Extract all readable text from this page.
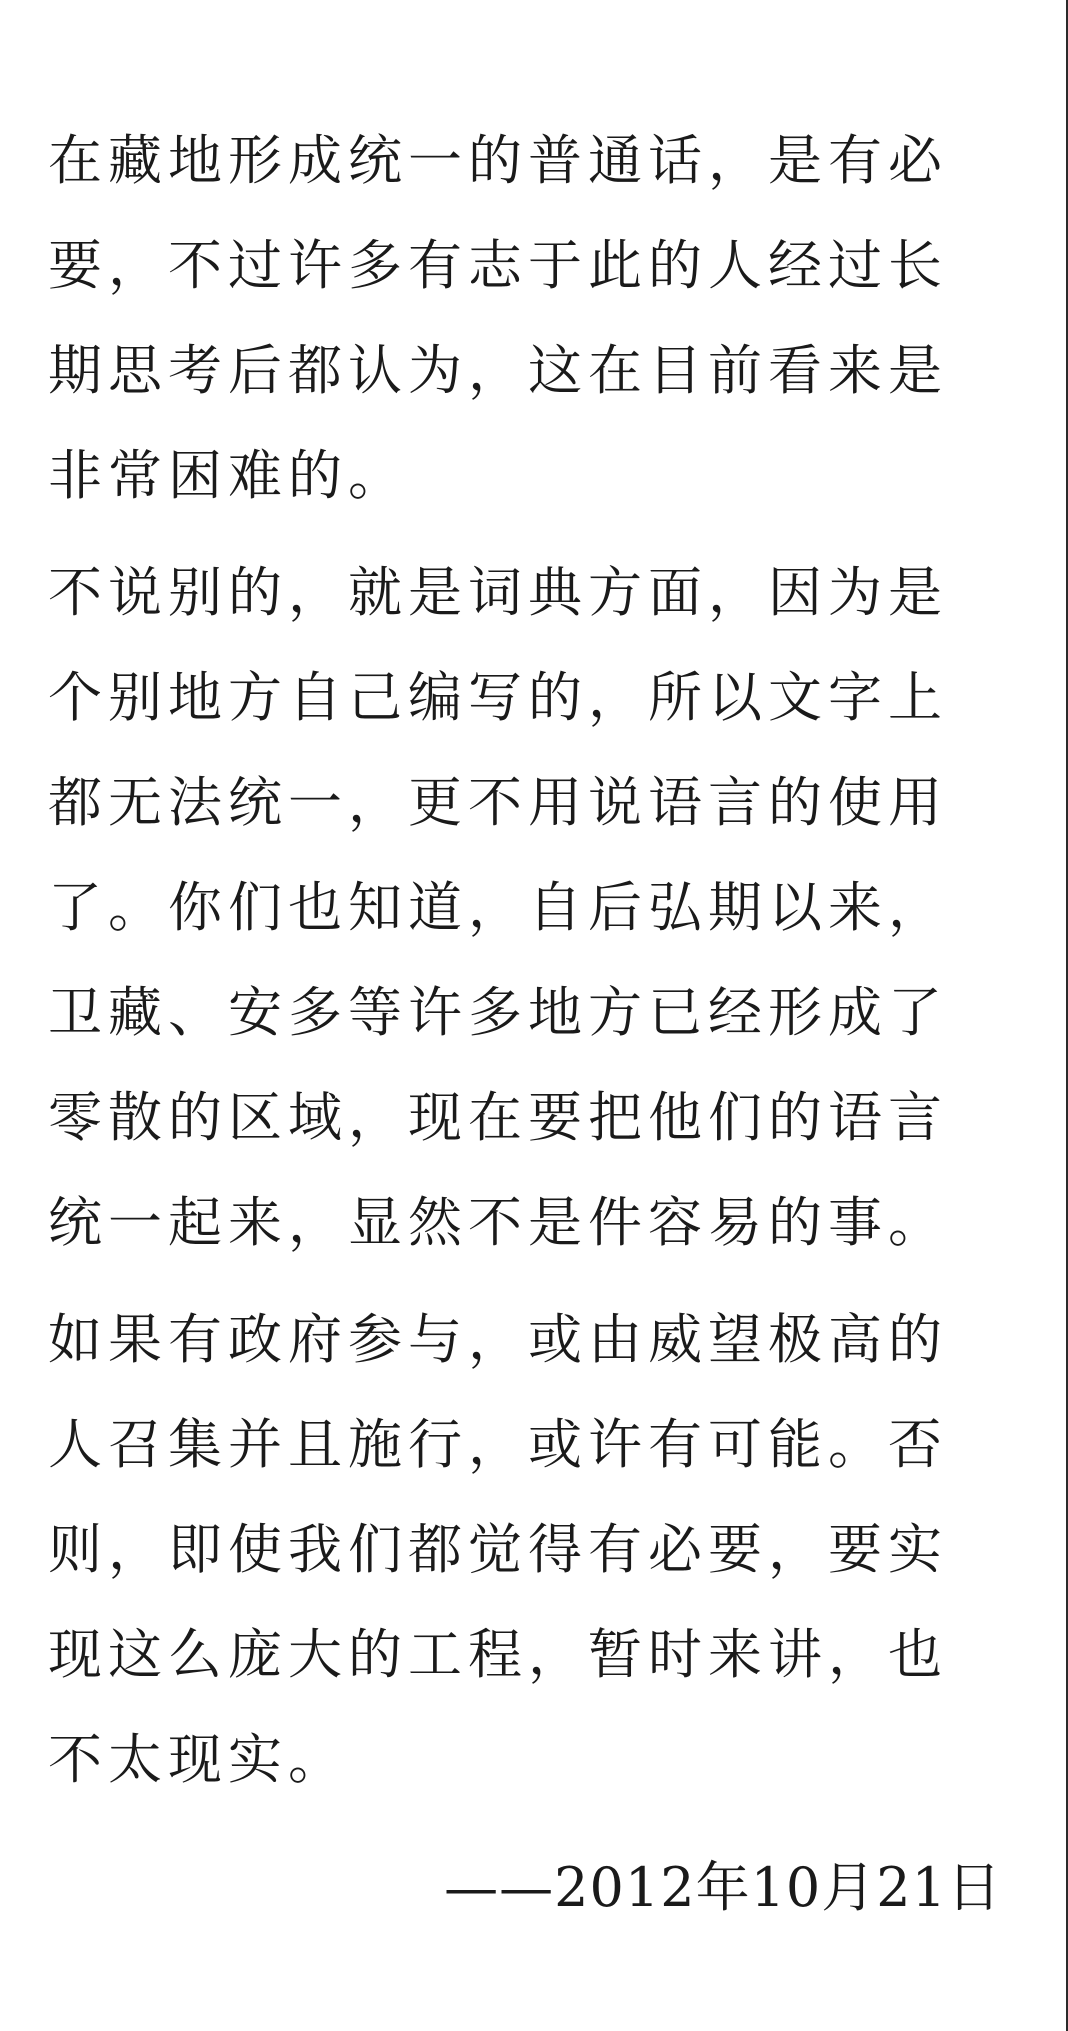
在藏地形成统一的普通话，是有必
要，不过许多有志于此的人经过长
期思考后都认为，这在目前看来是
非常困难的。
不说别的，就是词典方面，因为是
个别地方自己编写的，所以文字上
都无法统一，更不用说语言的使用
了。你们也知道，自后弘期以来，
卫藏、安多等许多地方已经形成了
零散的区域，现在要把他们的语言
统一起来，显然不是件容易的事。
如果有政府参与，或由威望极高的
人召集并且施行，或许有可能。否
则，即使我们都觉得有必要，要实
现这么庞大的工程，暂时来讲，也
不太现实。
——2012年10月21日
